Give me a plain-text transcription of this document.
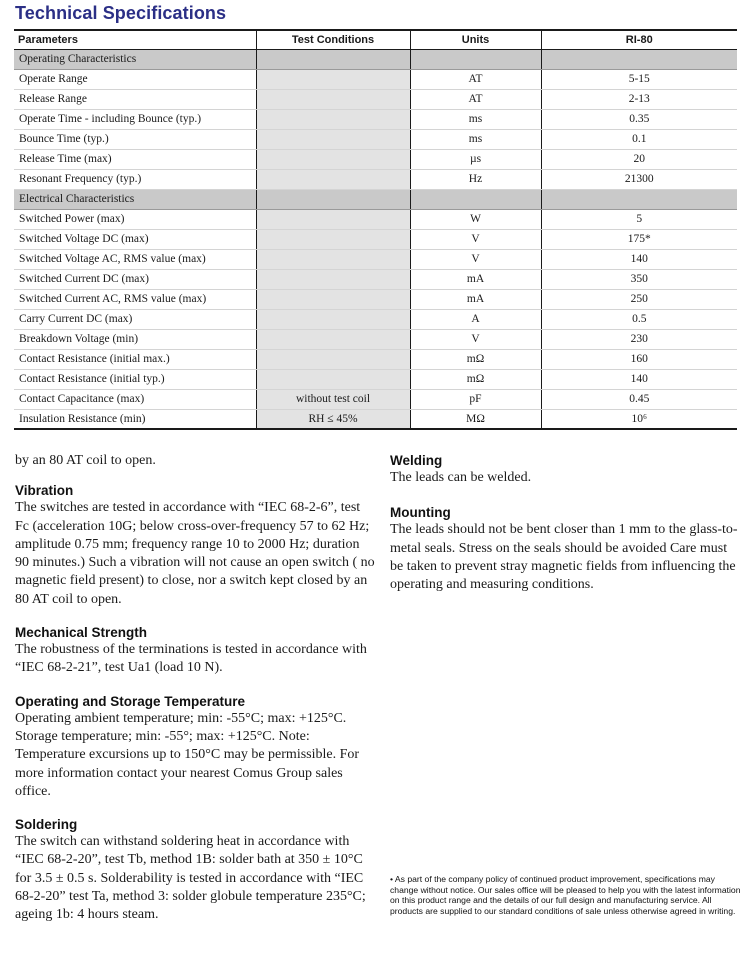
Technical Specifications
Parameters	Test Conditions	Units	RI-80
Operating Characteristics			
Operate Range		AT	5-15
Release Range		AT	2-13
Operate Time - including Bounce (typ.)		ms	0.35
Bounce Time (typ.)		ms	0.1
Release Time (max)		µs	20
Resonant Frequency (typ.)		Hz	21300
Electrical Characteristics			
Switched Power (max)		W	5
Switched Voltage DC (max)		V	175*
Switched Voltage AC, RMS value (max)		V	140
Switched Current DC (max)		mA	350
Switched Current AC, RMS value (max)		mA	250
Carry Current DC (max)		A	0.5
Breakdown Voltage (min)		V	230
Contact Resistance (initial max.)		mΩ	160
Contact Resistance (initial typ.)		mΩ	140
Contact Capacitance (max)	without test coil	pF	0.45
Insulation Resistance (min)	RH ≤ 45%	MΩ	10⁶
by an 80 AT coil to open.
Vibration
The switches are tested in accordance with “IEC 68-2-6”, test Fc (acceleration 10G; below cross-over-frequency 57 to 62 Hz; amplitude 0.75 mm; frequency range 10 to 2000 Hz; duration 90 minutes.) Such a vibration will not cause an open switch ( no magnetic field present) to close, nor a switch kept closed by an 80 AT coil to open.
Mechanical Strength
The robustness of the terminations is tested in accordance with “IEC 68-2-21”, test Ua1 (load 10 N).
Operating and Storage Temperature
Operating ambient temperature; min: -55°C; max: +125°C. Storage temperature; min: -55°; max: +125°C. Note: Temperature excursions up to 150°C may be permissible. For more information contact your nearest Comus Group sales office.
Soldering
The switch can withstand soldering heat in accordance with “IEC 68-2-20”, test Tb, method 1B: solder bath at 350 ± 10°C for 3.5 ± 0.5 s. Solderability is tested in accordance with “IEC 68-2-20” test Ta, method 3: solder globule temperature 235°C; ageing 1b: 4 hours steam.
Welding
The leads can be welded.
Mounting
The leads should not be bent closer than 1 mm to the glass-to-metal seals. Stress on the seals should be avoided Care must be taken to prevent stray magnetic fields from influencing the operating and measuring conditions.
• As part of the company policy of continued product improvement, specifications may change without notice. Our sales office will be pleased to help you with the latest information on this product range and the details of our full design and manufacturing service. All products are supplied to our standard conditions of sale unless otherwise agreed in writing.
